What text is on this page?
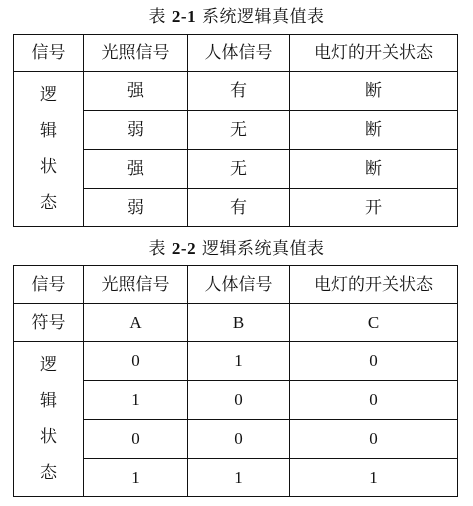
表 2-1 系统逻辑真值表
信号	光照信号	人体信号	电灯的开关状态

逻
辑
状
态	强	有	断
	弱	无	断
	强	无	断
	弱	有	开
表 2-2 逻辑系统真值表
信号	光照信号	人体信号	电灯的开关状态
符号	A	B	C

逻
辑
状
态	0	1	0
	1	0	0
	0	0	0
	1	1	1
